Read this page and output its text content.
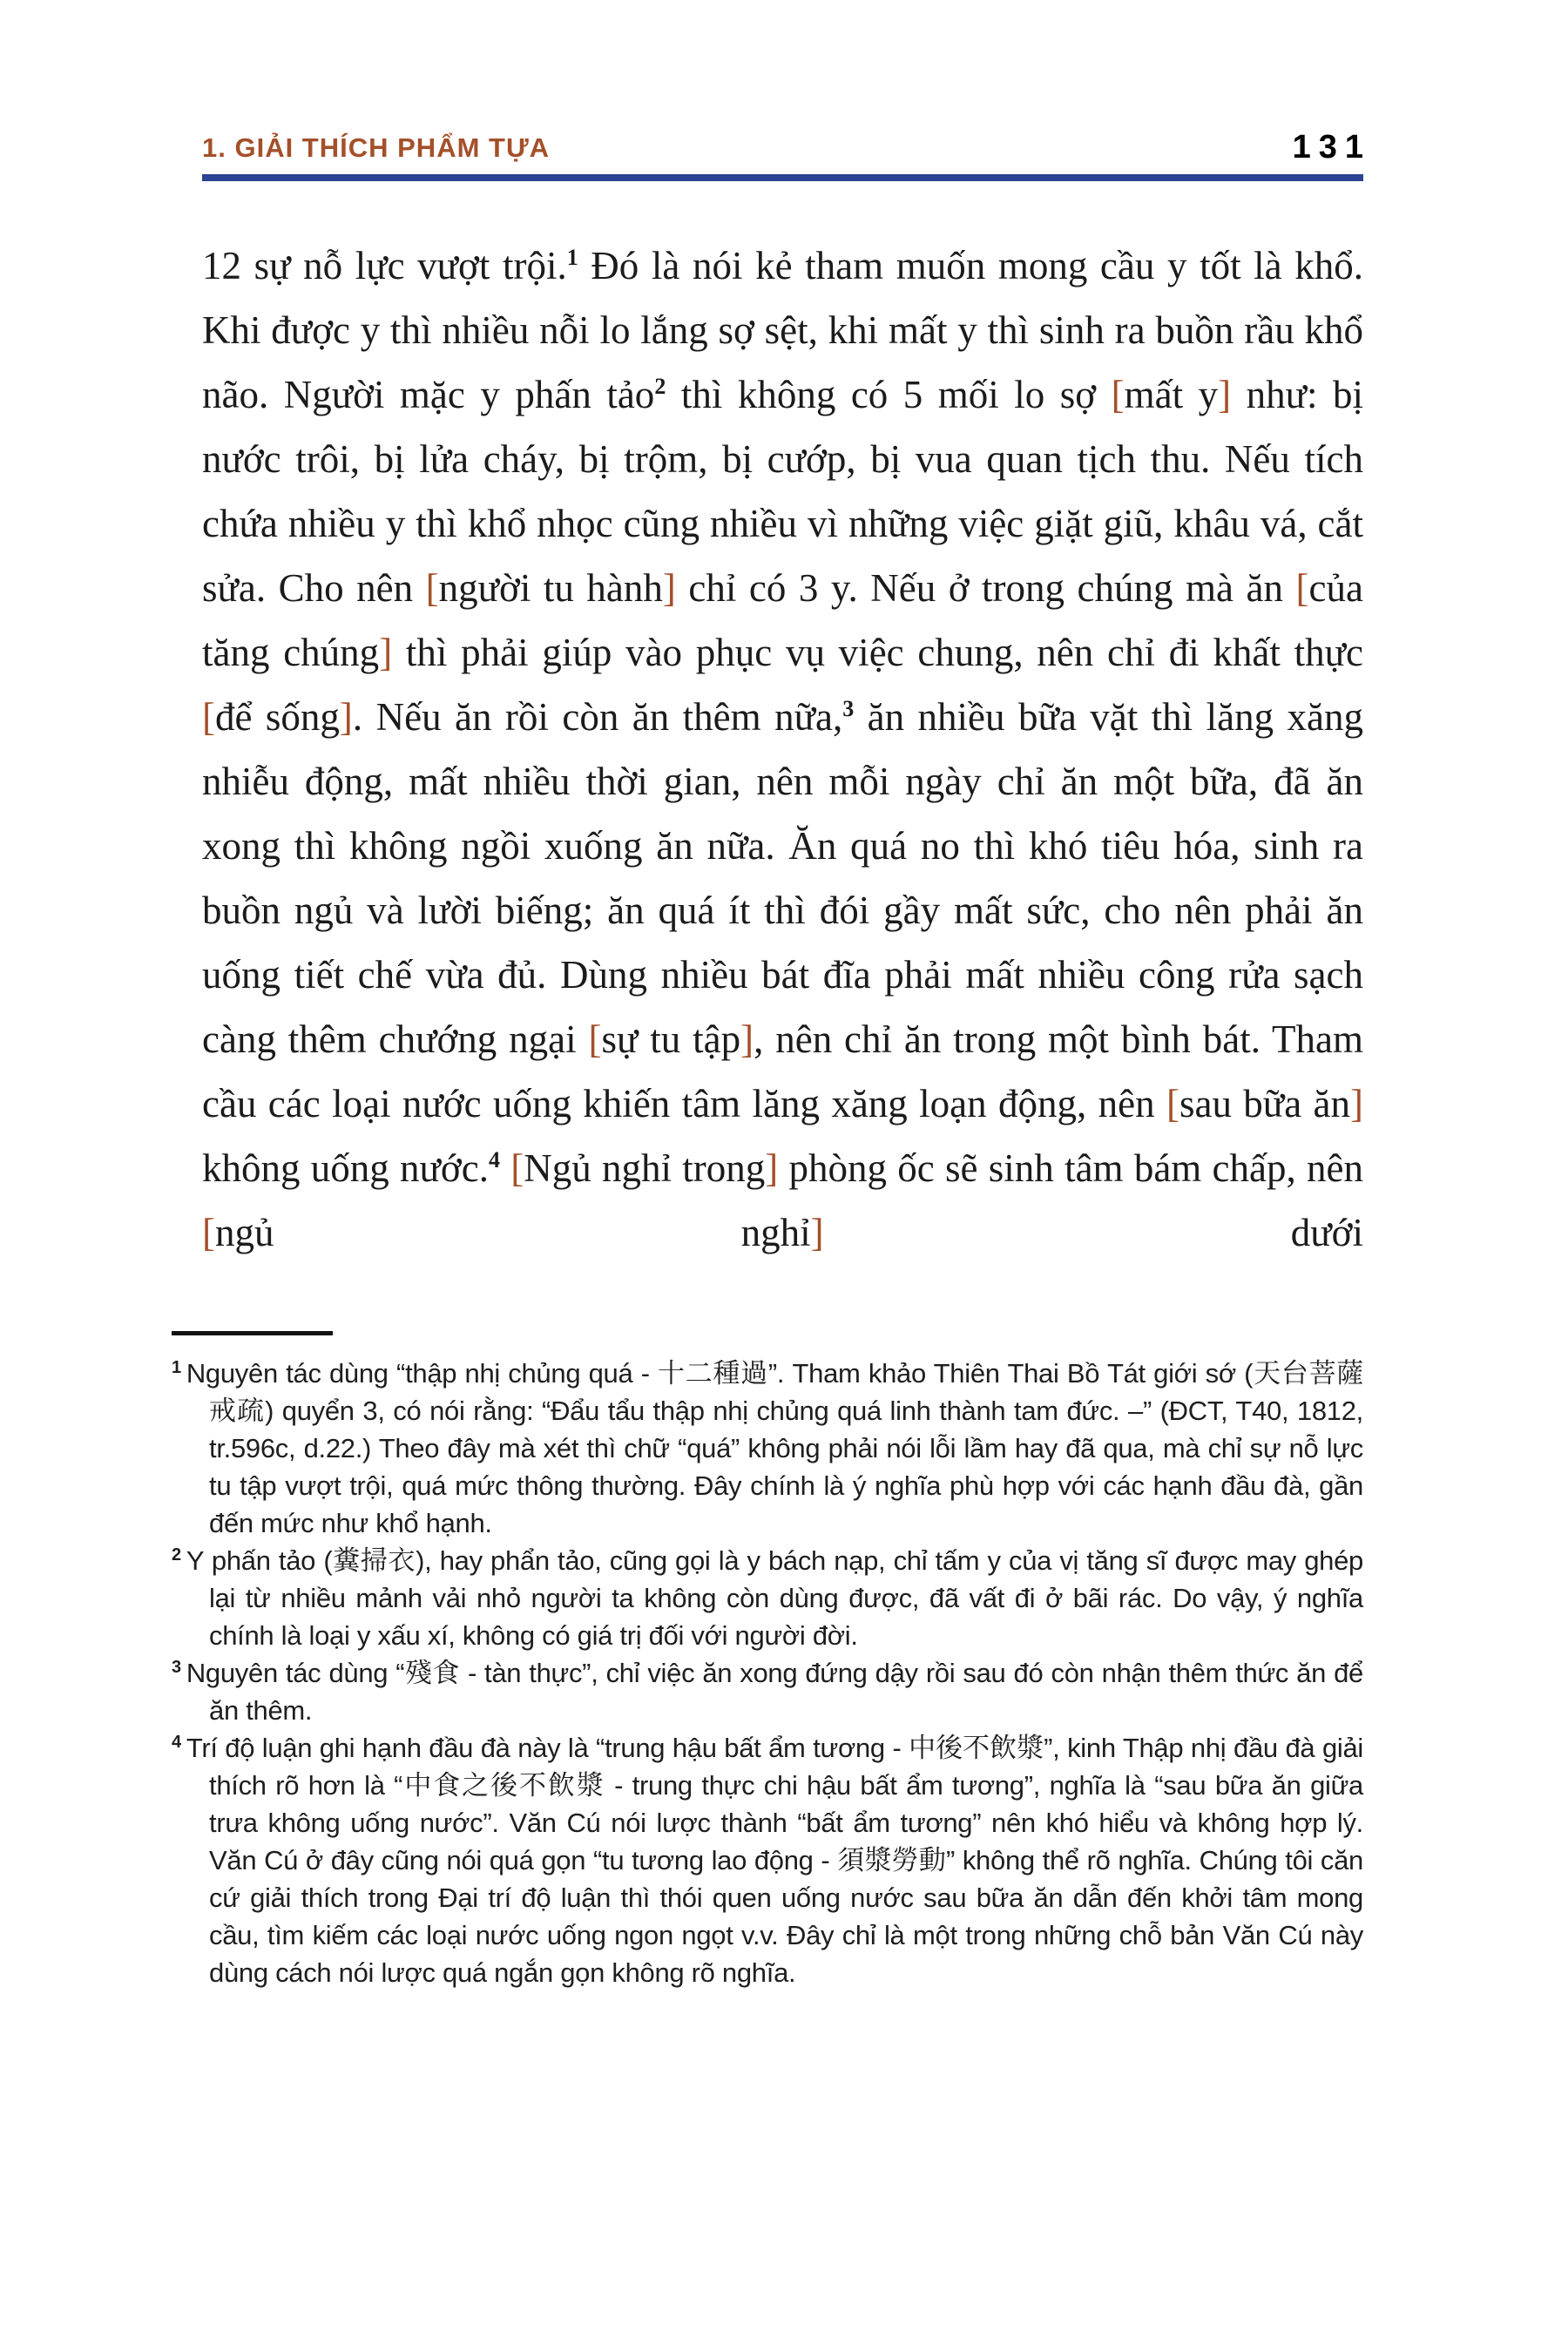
1. GIẢI THÍCH PHẨM TỰA	131

12 sự nỗ lực vượt trội.$^1$ Đó là nói kẻ tham muốn mong cầu y tốt là khổ. Khi được y thì nhiều nỗi lo lắng sợ sệt, khi mất y thì sinh ra buồn rầu khổ não. Người mặc y phấn tảo$^2$ thì không có 5 mối lo sợ [mất y] như: bị nước trôi, bị lửa cháy, bị trộm, bị cướp, bị vua quan tịch thu. Nếu tích chứa nhiều y thì khổ nhọc cũng nhiều vì những việc giặt giũ, khâu vá, cắt sửa. Cho nên [người tu hành] chỉ có 3 y. Nếu ở trong chúng mà ăn [của tăng chúng] thì phải giúp vào phục vụ việc chung, nên chỉ đi khất thực [để sống]. Nếu ăn rồi còn ăn thêm nữa,$^3$ ăn nhiều bữa vặt thì lăng xăng nhiễu động, mất nhiều thời gian, nên mỗi ngày chỉ ăn một bữa, đã ăn xong thì không ngồi xuống ăn nữa. Ăn quá no thì khó tiêu hóa, sinh ra buồn ngủ và lười biếng; ăn quá ít thì đói gầy mất sức, cho nên phải ăn uống tiết chế vừa đủ. Dùng nhiều bát đĩa phải mất nhiều công rửa sạch càng thêm chướng ngại [sự tu tập], nên chỉ ăn trong một bình bát. Tham cầu các loại nước uống khiến tâm lăng xăng loạn động, nên [sau bữa ăn] không uống nước.$^4$ [Ngủ nghỉ trong] phòng ốc sẽ sinh tâm bám chấp, nên [ngủ nghỉ] dưới

$^1$ Nguyên tác dùng “thập nhị chủng quá - 十二種過”. Tham khảo Thiên Thai Bồ Tát giới sớ (天台菩薩戒疏) quyển 3, có nói rằng: “Đẩu tẩu thập nhị chủng quá linh thành tam đức. –” (ĐCT, T40, 1812, tr.596c, d.22.) Theo đây mà xét thì chữ “quá” không phải nói lỗi lầm hay đã qua, mà chỉ sự nỗ lực tu tập vượt trội, quá mức thông thường. Đây chính là ý nghĩa phù hợp với các hạnh đầu đà, gần đến mức như khổ hạnh.
$^2$ Y phấn tảo (糞掃衣), hay phẩn tảo, cũng gọi là y bách nạp, chỉ tấm y của vị tăng sĩ được may ghép lại từ nhiều mảnh vải nhỏ người ta không còn dùng được, đã vất đi ở bãi rác. Do vậy, ý nghĩa chính là loại y xấu xí, không có giá trị đối với người đời.
$^3$ Nguyên tác dùng “殘食 - tàn thực”, chỉ việc ăn xong đứng dậy rồi sau đó còn nhận thêm thức ăn để ăn thêm.
$^4$ Trí độ luận ghi hạnh đầu đà này là “trung hậu bất ẩm tương - 中後不飲漿”, kinh Thập nhị đầu đà giải thích rõ hơn là “中食之後不飲漿 - trung thực chi hậu bất ẩm tương”, nghĩa là “sau bữa ăn giữa trưa không uống nước”. Văn Cú nói lược thành “bất ẩm tương” nên khó hiểu và không hợp lý. Văn Cú ở đây cũng nói quá gọn “tu tương lao động - 須漿勞動” không thể rõ nghĩa. Chúng tôi căn cứ giải thích trong Đại trí độ luận thì thói quen uống nước sau bữa ăn dẫn đến khởi tâm mong cầu, tìm kiếm các loại nước uống ngon ngọt v.v. Đây chỉ là một trong những chỗ bản Văn Cú này dùng cách nói lược quá ngắn gọn không rõ nghĩa.
